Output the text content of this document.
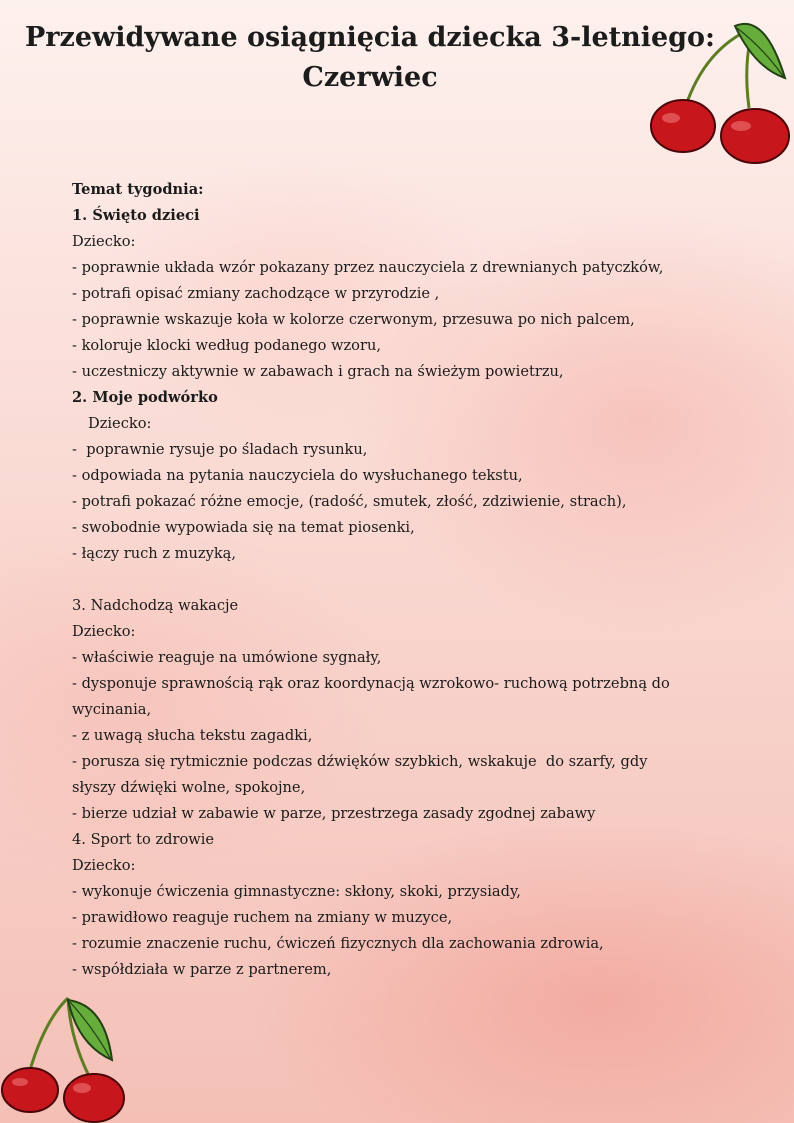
Przewidywane osiągnięcia dziecka 3-letniego:
Czerwiec
Temat tygodnia:
1. Święto dzieci
Dziecko:
- poprawnie układa wzór pokazany przez nauczyciela z drewnianych patyczków,
- potrafi opisać zmiany zachodzące w przyrodzie ,
- poprawnie wskazuje koła w kolorze czerwonym, przesuwa po nich palcem,
- koloruje klocki według podanego wzoru,
- uczestniczy aktywnie w zabawach i grach na świeżym powietrzu,
2. Moje podwórko
Dziecko:
-  poprawnie rysuje po śladach rysunku,
- odpowiada na pytania nauczyciela do wysłuchanego tekstu,
- potrafi pokazać różne emocje, (radość, smutek, złość, zdziwienie, strach),
- swobodnie wypowiada się na temat piosenki,
- łączy ruch z muzyką,
3. Nadchodzą wakacje
Dziecko:
- właściwie reaguje na umówione sygnały,
- dysponuje sprawnością rąk oraz koordynacją wzrokowo- ruchową potrzebną do
wycinania,
- z uwagą słucha tekstu zagadki,
- porusza się rytmicznie podczas dźwięków szybkich, wskakuje  do szarfy, gdy
słyszy dźwięki wolne, spokojne,
- bierze udział w zabawie w parze, przestrzega zasady zgodnej zabawy
4. Sport to zdrowie
Dziecko:
- wykonuje ćwiczenia gimnastyczne: skłony, skoki, przysiady,
- prawidłowo reaguje ruchem na zmiany w muzyce,
- rozumie znaczenie ruchu, ćwiczeń fizycznych dla zachowania zdrowia,
- współdziała w parze z partnerem,
